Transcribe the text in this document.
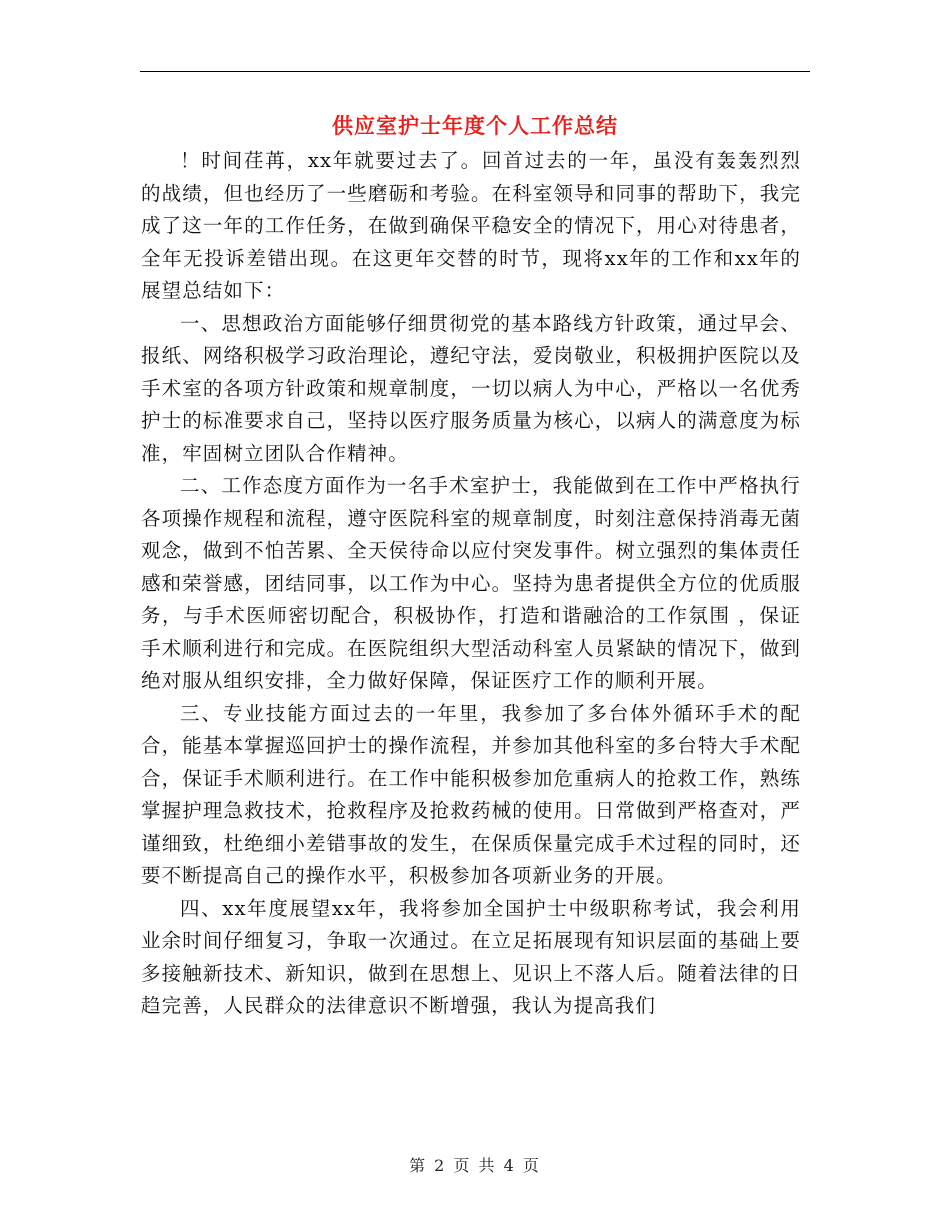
供应室护士年度个人工作总结

！时间荏苒，xx年就要过去了。回首过去的一年，虽没有轰轰烈烈的战绩，但也经历了一些磨砺和考验。在科室领导和同事的帮助下，我完成了这一年的工作任务，在做到确保平稳安全的情况下，用心对待患者，全年无投诉差错出现。在这更年交替的时节，现将xx年的工作和xx年的展望总结如下：

一、思想政治方面能够仔细贯彻党的基本路线方针政策，通过早会、报纸、网络积极学习政治理论，遵纪守法，爱岗敬业，积极拥护医院以及手术室的各项方针政策和规章制度，一切以病人为中心，严格以一名优秀护士的标准要求自己，坚持以医疗服务质量为核心，以病人的满意度为标准，牢固树立团队合作精神。

二、工作态度方面作为一名手术室护士，我能做到在工作中严格执行各项操作规程和流程，遵守医院科室的规章制度，时刻注意保持消毒无菌观念，做到不怕苦累、全天侯待命以应付突发事件。树立强烈的集体责任感和荣誉感，团结同事，以工作为中心。坚持为患者提供全方位的优质服务，与手术医师密切配合，积极协作，打造和谐融洽的工作氛围 ，保证手术顺利进行和完成。在医院组织大型活动科室人员紧缺的情况下，做到绝对服从组织安排，全力做好保障，保证医疗工作的顺利开展。

三、专业技能方面过去的一年里，我参加了多台体外循环手术的配合，能基本掌握巡回护士的操作流程，并参加其他科室的多台特大手术配合，保证手术顺利进行。在工作中能积极参加危重病人的抢救工作，熟练掌握护理急救技术，抢救程序及抢救药械的使用。日常做到严格查对，严谨细致，杜绝细小差错事故的发生，在保质保量完成手术过程的同时，还要不断提高自己的操作水平，积极参加各项新业务的开展。

四、xx年度展望xx年，我将参加全国护士中级职称考试，我会利用业余时间仔细复习，争取一次通过。在立足拓展现有知识层面的基础上要多接触新技术、新知识，做到在思想上、见识上不落人后。随着法律的日趋完善，人民群众的法律意识不断增强，我认为提高我们

第 2 页 共 4 页
